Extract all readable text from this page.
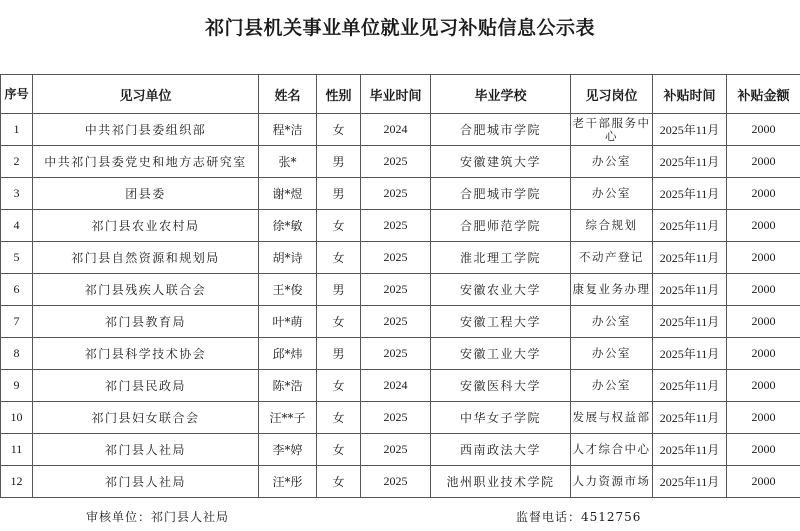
祁门县机关事业单位就业见习补贴信息公示表
序号	见习单位	姓名	性别	毕业时间	毕业学校	见习岗位	补贴时间	补贴金额
1	中共祁门县委组织部	程*洁	女	2024	合肥城市学院	老干部服务中心	2025年11月	2000
2	中共祁门县委党史和地方志研究室	张*	男	2025	安徽建筑大学	办公室	2025年11月	2000
3	团县委	谢*煜	男	2025	合肥城市学院	办公室	2025年11月	2000
4	祁门县农业农村局	徐*敏	女	2025	合肥师范学院	综合规划	2025年11月	2000
5	祁门县自然资源和规划局	胡*诗	女	2025	淮北理工学院	不动产登记	2025年11月	2000
6	祁门县残疾人联合会	王*俊	男	2025	安徽农业大学	康复业务办理	2025年11月	2000
7	祁门县教育局	叶*萌	女	2025	安徽工程大学	办公室	2025年11月	2000
8	祁门县科学技术协会	邱*炜	男	2025	安徽工业大学	办公室	2025年11月	2000
9	祁门县民政局	陈*浩	女	2024	安徽医科大学	办公室	2025年11月	2000
10	祁门县妇女联合会	汪**子	女	2025	中华女子学院	发展与权益部	2025年11月	2000
11	祁门县人社局	李*婷	女	2025	西南政法大学	人才综合中心	2025年11月	2000
12	祁门县人社局	汪*彤	女	2025	池州职业技术学院	人力资源市场	2025年11月	2000
审核单位：祁门县人社局	监督电话：4512756
